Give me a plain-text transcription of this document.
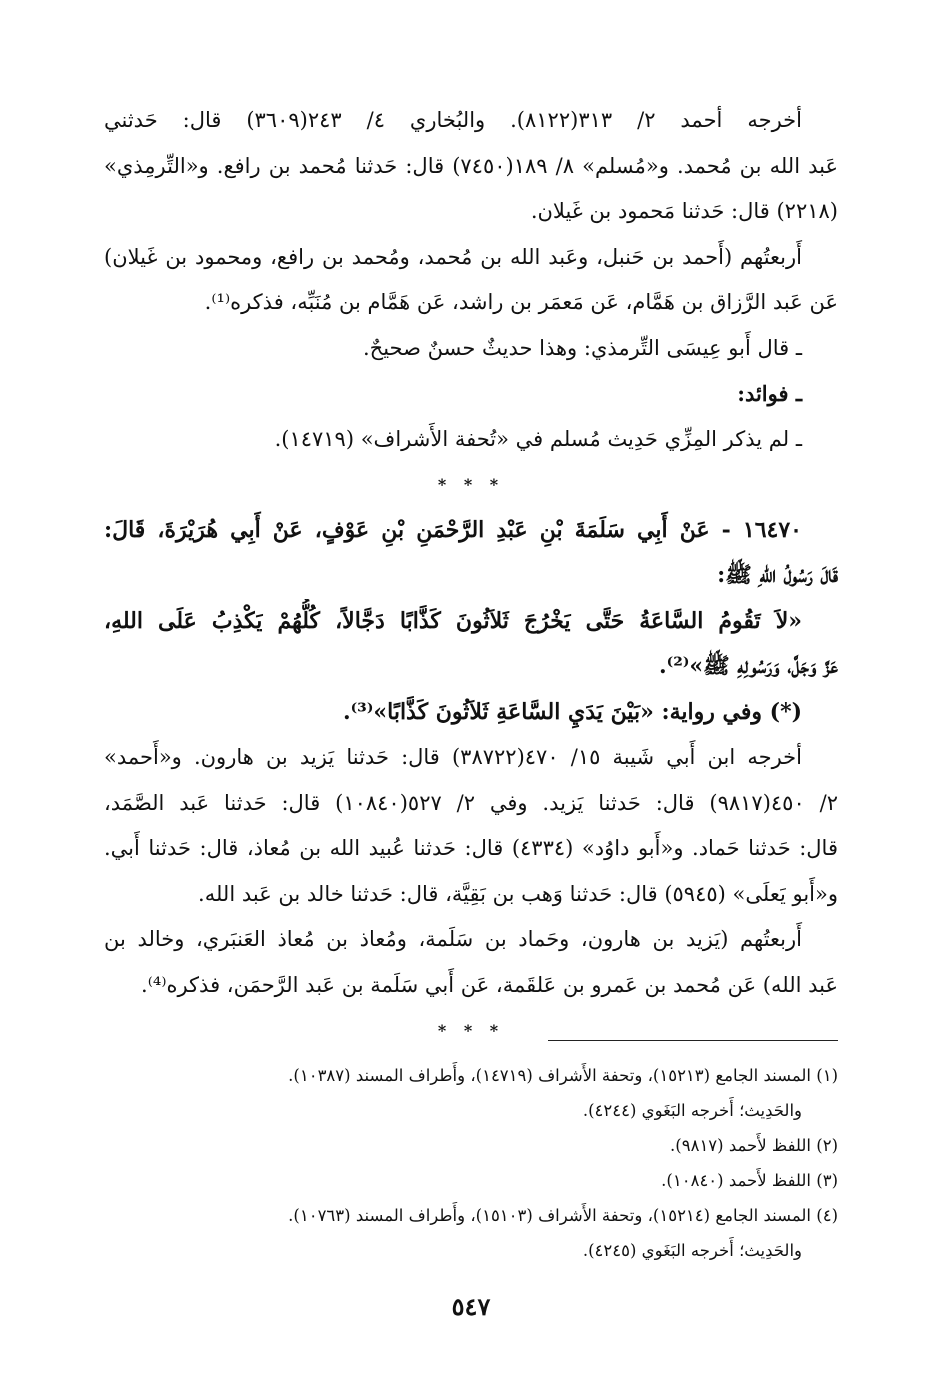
أخرجه أحمد ٢/ ٣١٣(٨١٢٢). والبُخاري ٤/ ٢٤٣(٣٦٠٩) قال: حَدثني
عَبد الله بن مُحمد. و«مُسلم» ٨/ ١٨٩(٧٤٥٠) قال: حَدثنا مُحمد بن رافع. و«التِّرمِذي»
(٢٢١٨) قال: حَدثنا مَحمود بن غَيلان.
أَربعتُهم (أَحمد بن حَنبل، وعَبد الله بن مُحمد، ومُحمد بن رافع، ومحمود بن غَيلان)
عَن عَبد الرَّزاق بن هَمَّام، عَن مَعمَر بن راشد، عَن هَمَّام بن مُنَبِّه، فذكره⁽¹⁾.
ـ قال أَبو عِيسَى التِّرمذي: وهذا حديثٌ حسنٌ صحيحٌ.
ـ فوائد:
ـ لم يذكر المِزِّي حَدِيث مُسلم في «تُحفة الأَشراف» (١٤٧١٩).
* * *
١٦٤٧٠ - عَنْ أَبِي سَلَمَةَ بْنِ عَبْدِ الرَّحْمَنِ بْنِ عَوْفٍ، عَنْ أَبِي هُرَيْرَةَ، قَالَ:
قَالَ رَسُولُ اللهِ ﷺ:
«لاَ تَقُومُ السَّاعَةُ حَتَّى يَخْرُجَ ثَلاَثُونَ كَذَّابًا دَجَّالاً، كُلُّهُمْ يَكْذِبُ عَلَى اللهِ،
عَزَّ وَجَلَّ، وَرَسُولِهِ ﷺ»⁽²⁾.
(*) وفي رواية: «بَيْنَ يَدَيِ السَّاعَةِ ثَلاَثُونَ كَذَّابًا»⁽³⁾.
أخرجه ابن أَبي شَيبة ١٥/ ٤٧٠(٣٨٧٢٢) قال: حَدثنا يَزيد بن هارون. و«أَحمد»
٢/ ٤٥٠(٩٨١٧) قال: حَدثنا يَزيد. وفي ٢/ ٥٢٧(١٠٨٤٠) قال: حَدثنا عَبد الصَّمَد،
قال: حَدثنا حَماد. و«أَبو داوُد» (٤٣٣٤) قال: حَدثنا عُبيد الله بن مُعاذ، قال: حَدثنا أَبي.
و«أَبو يَعلَى» (٥٩٤٥) قال: حَدثنا وَهب بن بَقِيَّة، قال: حَدثنا خالد بن عَبد الله.
أَربعتُهم (يَزيد بن هارون، وحَماد بن سَلَمة، ومُعاذ بن مُعاذ العَنبَري، وخالد بن
عَبد الله) عَن مُحمد بن عَمرو بن عَلقَمة، عَن أَبي سَلَمة بن عَبد الرَّحمَن، فذكره⁽⁴⁾.
* * *
(١) المسند الجامع (١٥٢١٣)، وتحفة الأَشراف (١٤٧١٩)، وأَطراف المسند (١٠٣٨٧).
والحَدِيث؛ أَخرجه البَغَوي (٤٢٤٤).
(٢) اللفظ لأَحمد (٩٨١٧).
(٣) اللفظ لأَحمد (١٠٨٤٠).
(٤) المسند الجامع (١٥٢١٤)، وتحفة الأَشراف (١٥١٠٣)، وأَطراف المسند (١٠٧٦٣).
والحَدِيث؛ أَخرجه البَغَوي (٤٢٤٥).
٥٤٧
